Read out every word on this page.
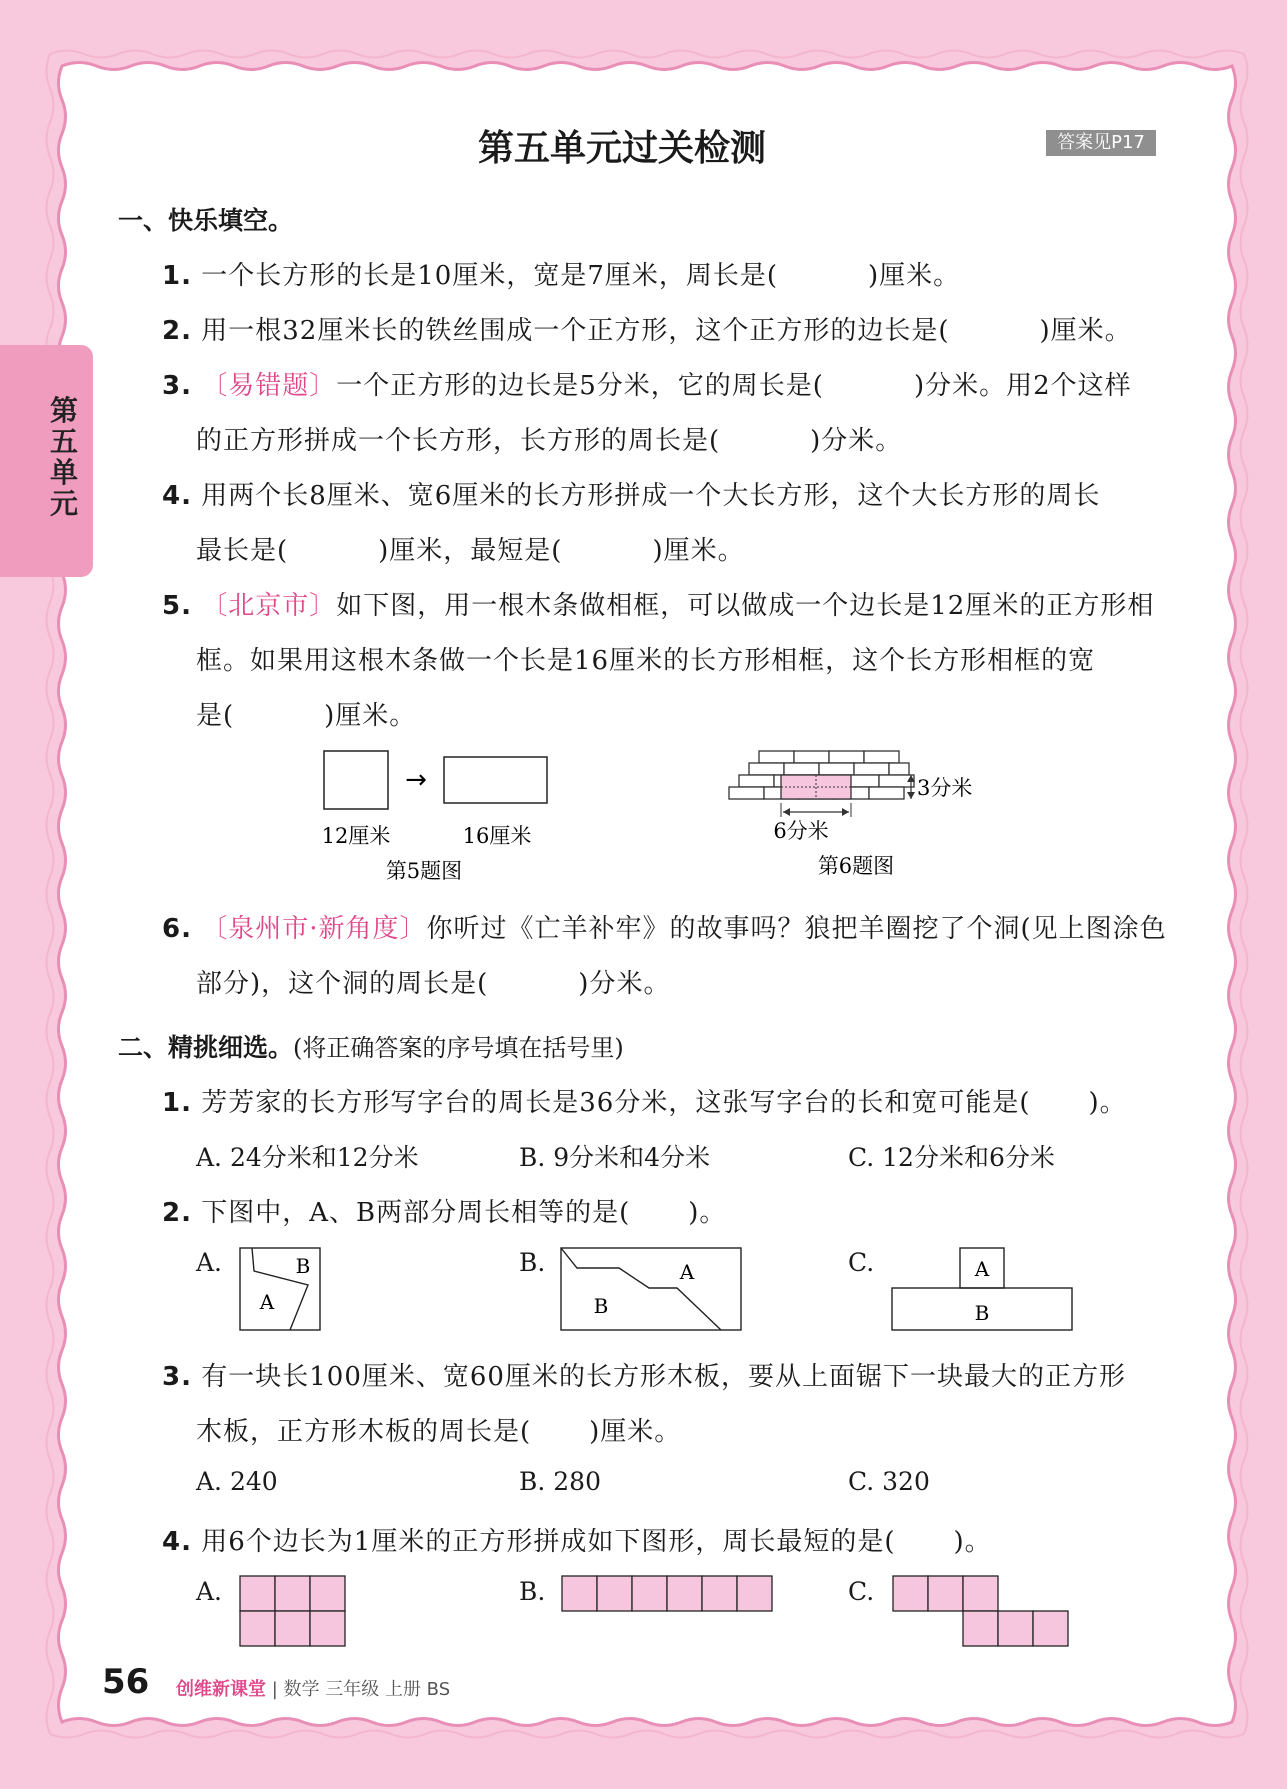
第五单元
第五单元过关检测	答案见P17
一、快乐填空。
1. 一个长方形的长是10厘米，宽是7厘米，周长是(	)厘米。
2. 用一根32厘米长的铁丝围成一个正方形，这个正方形的边长是(	)厘米。
3. 〔易错题〕一个正方形的边长是5分米，它的周长是(	)分米。用2个这样
的正方形拼成一个长方形，长方形的周长是(	)分米。
4. 用两个长8厘米、宽6厘米的长方形拼成一个大长方形，这个大长方形的周长
最长是(	)厘米，最短是(	)厘米。
5. 〔北京市〕如下图，用一根木条做相框，可以做成一个边长是12厘米的正方形相
框。如果用这根木条做一个长是16厘米的长方形相框，这个长方形相框的宽
是(	)厘米。
→
12厘米	16厘米
第5题图
3分米
6分米
第6题图
6. 〔泉州市·新角度〕你听过《亡羊补牢》的故事吗？狼把羊圈挖了个洞(见上图涂色
部分)，这个洞的周长是(	)分米。
二、精挑细选。(将正确答案的序号填在括号里)
1. 芳芳家的长方形写字台的周长是36分米，这张写字台的长和宽可能是( )。
A. 24分米和12分米	B. 9分米和4分米	C. 12分米和6分米
2. 下图中，A、B两部分周长相等的是( )。
A.	B.	C.
B
A
A
B
A
B
3. 有一块长100厘米、宽60厘米的长方形木板，要从上面锯下一块最大的正方形
木板，正方形木板的周长是( )厘米。
A. 240	B. 280	C. 320
4. 用6个边长为1厘米的正方形拼成如下图形，周长最短的是( )。
A.	B.	C.
56 创维新课堂 | 数学 三年级 上册 BS
